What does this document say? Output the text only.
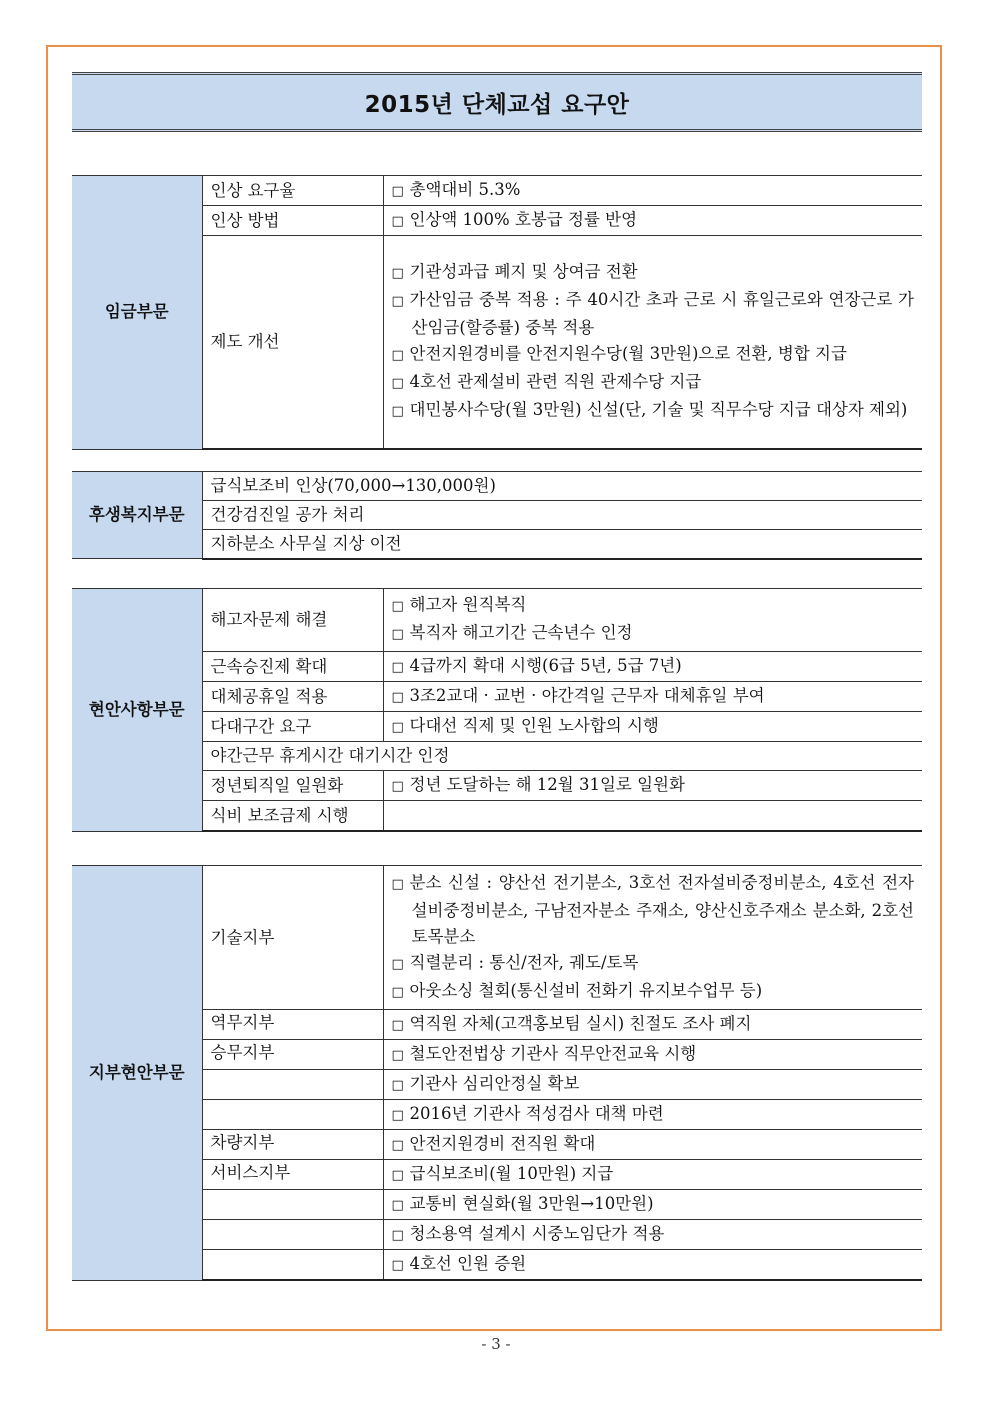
2015년 단체교섭 요구안
임금부문	인상 요구율	□ 총액대비 5.3%

	인상 방법	□ 인상액 100% 호봉급 정률 반영

	제도 개선	□ 기관성과급 폐지 및 상여금 전환
□ 가산임금 중복 적용 : 주 40시간 초과 근로 시 휴일근로와 연장근로 가산임금(할증률) 중복 적용
□ 안전지원경비를 안전지원수당(월 3만원)으로 전환, 병합 지급
□ 4호선 관제설비 관련 직원 관제수당 지급
□ 대민봉사수당(월 3만원) 신설(단, 기술 및 직무수당 지급 대상자 제외)
후생복지부문	급식보조비 인상(70,000→130,000원)
건강검진일 공가 처리
지하분소 사무실 지상 이전
현안사항부문	해고자문제 해결	□ 해고자 원직복직
□ 복직자 해고기간 근속년수 인정

	근속승진제 확대	□ 4급까지 확대 시행(6급 5년, 5급 7년)

	대체공휴일 적용	□ 3조2교대 · 교번 · 야간격일 근무자 대체휴일 부여

	다대구간 요구	□ 다대선 직제 및 인원 노사합의 시행

	야간근무 휴게시간 대기시간 인정	
	정년퇴직일 일원화	□ 정년 도달하는 해 12월 31일로 일원화

	식비 보조금제 시행	
지부현안부문	기술지부	□ 분소 신설 : 양산선 전기분소, 3호선 전자설비중정비분소, 4호선 전자설비중정비분소, 구남전자분소 주재소, 양산신호주재소 분소화, 2호선 토목분소
□ 직렬분리 : 통신/전자, 궤도/토목
□ 아웃소싱 철회(통신설비 전화기 유지보수업무 등)

	역무지부	□ 역직원 자체(고객홍보팀 실시) 친절도 조사 폐지

	승무지부	□ 철도안전법상 기관사 직무안전교육 시행

		□ 기관사 심리안정실 확보

		□ 2016년 기관사 적성검사 대책 마련

	차량지부	□ 안전지원경비 전직원 확대

	서비스지부	□ 급식보조비(월 10만원) 지급

		□ 교통비 현실화(월 3만원→10만원)

		□ 청소용역 설계시 시중노임단가 적용

		□ 4호선 인원 증원
- 3 -
